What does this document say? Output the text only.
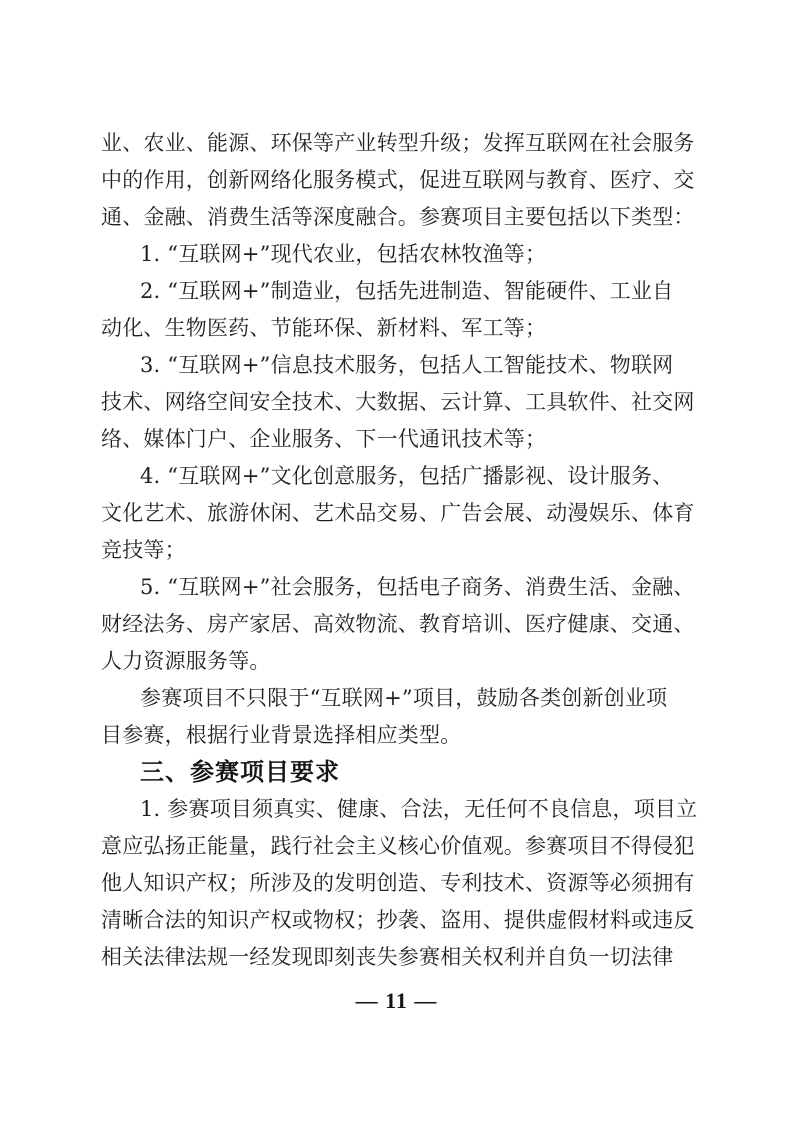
业、农业、能源、环保等产业转型升级；发挥互联网在社会服务
中的作用，创新网络化服务模式，促进互联网与教育、医疗、交
通、金融、消费生活等深度融合。参赛项目主要包括以下类型：
1. “互联网+”现代农业，包括农林牧渔等；
2. “互联网+”制造业，包括先进制造、智能硬件、工业自
动化、生物医药、节能环保、新材料、军工等；
3. “互联网+”信息技术服务，包括人工智能技术、物联网
技术、网络空间安全技术、大数据、云计算、工具软件、社交网
络、媒体门户、企业服务、下一代通讯技术等；
4. “互联网+”文化创意服务，包括广播影视、设计服务、
文化艺术、旅游休闲、艺术品交易、广告会展、动漫娱乐、体育
竞技等；
5. “互联网+”社会服务，包括电子商务、消费生活、金融、
财经法务、房产家居、高效物流、教育培训、医疗健康、交通、
人力资源服务等。
参赛项目不只限于“互联网+”项目，鼓励各类创新创业项
目参赛，根据行业背景选择相应类型。
三、参赛项目要求
1. 参赛项目须真实、健康、合法，无任何不良信息，项目立
意应弘扬正能量，践行社会主义核心价值观。参赛项目不得侵犯
他人知识产权；所涉及的发明创造、专利技术、资源等必须拥有
清晰合法的知识产权或物权；抄袭、盗用、提供虚假材料或违反
相关法律法规一经发现即刻丧失参赛相关权利并自负一切法律
— 11 —
